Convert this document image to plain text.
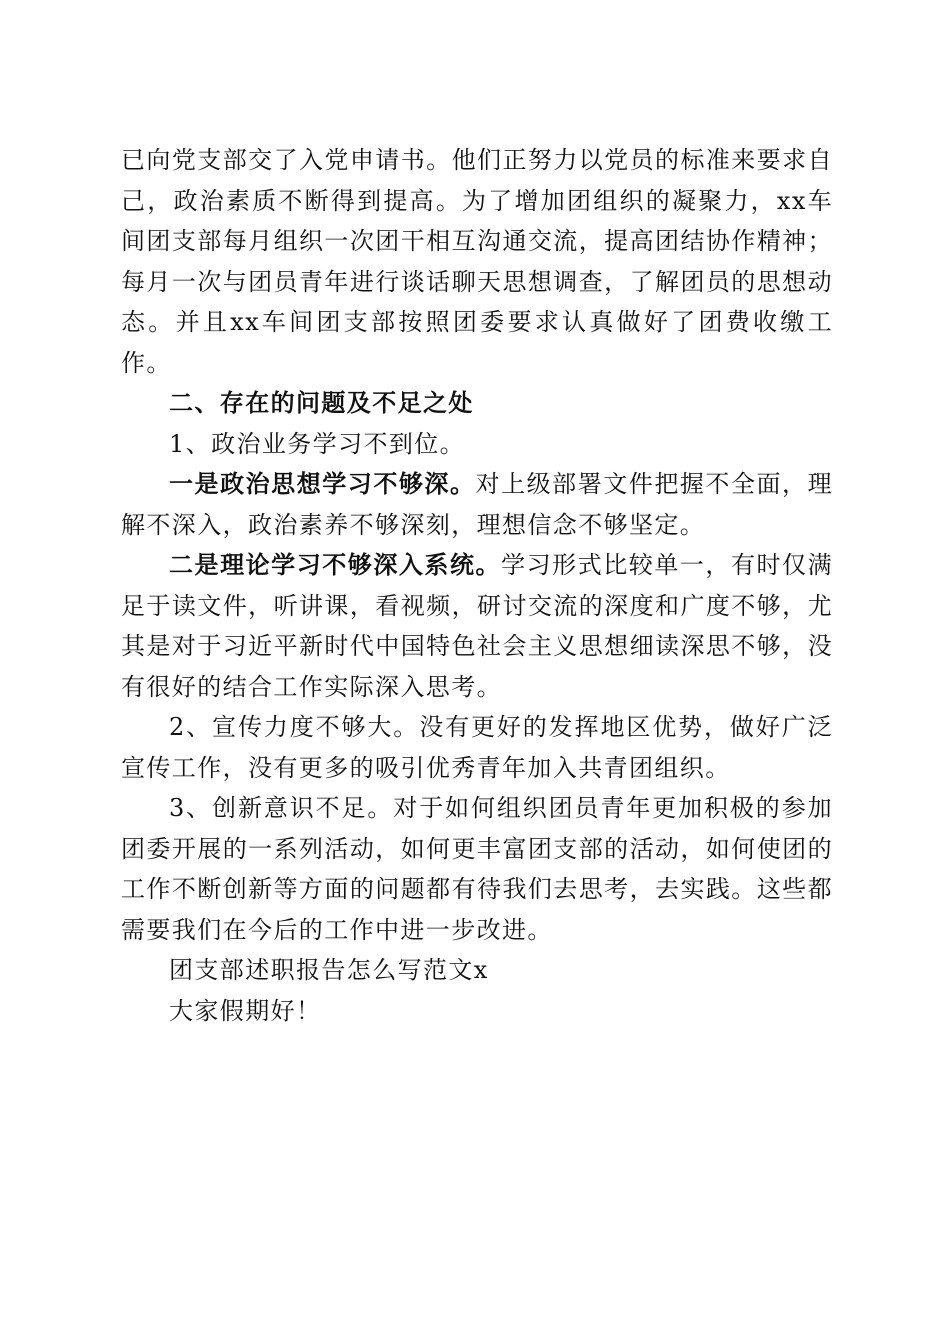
已向党支部交了入党申请书。他们正努力以党员的标准来要求自己，政治素质不断得到提高。为了增加团组织的凝聚力，xx车间团支部每月组织一次团干相互沟通交流，提高团结协作精神；每月一次与团员青年进行谈话聊天思想调查，了解团员的思想动态。并且xx车间团支部按照团委要求认真做好了团费收缴工作。

二、存在的问题及不足之处

1、政治业务学习不到位。

一是政治思想学习不够深。对上级部署文件把握不全面，理解不深入，政治素养不够深刻，理想信念不够坚定。

二是理论学习不够深入系统。学习形式比较单一，有时仅满足于读文件，听讲课，看视频，研讨交流的深度和广度不够，尤其是对于习近平新时代中国特色社会主义思想细读深思不够，没有很好的结合工作实际深入思考。

2、宣传力度不够大。没有更好的发挥地区优势，做好广泛宣传工作，没有更多的吸引优秀青年加入共青团组织。

3、创新意识不足。对于如何组织团员青年更加积极的参加团委开展的一系列活动，如何更丰富团支部的活动，如何使团的工作不断创新等方面的问题都有待我们去思考，去实践。这些都需要我们在今后的工作中进一步改进。

团支部述职报告怎么写范文x

大家假期好！
